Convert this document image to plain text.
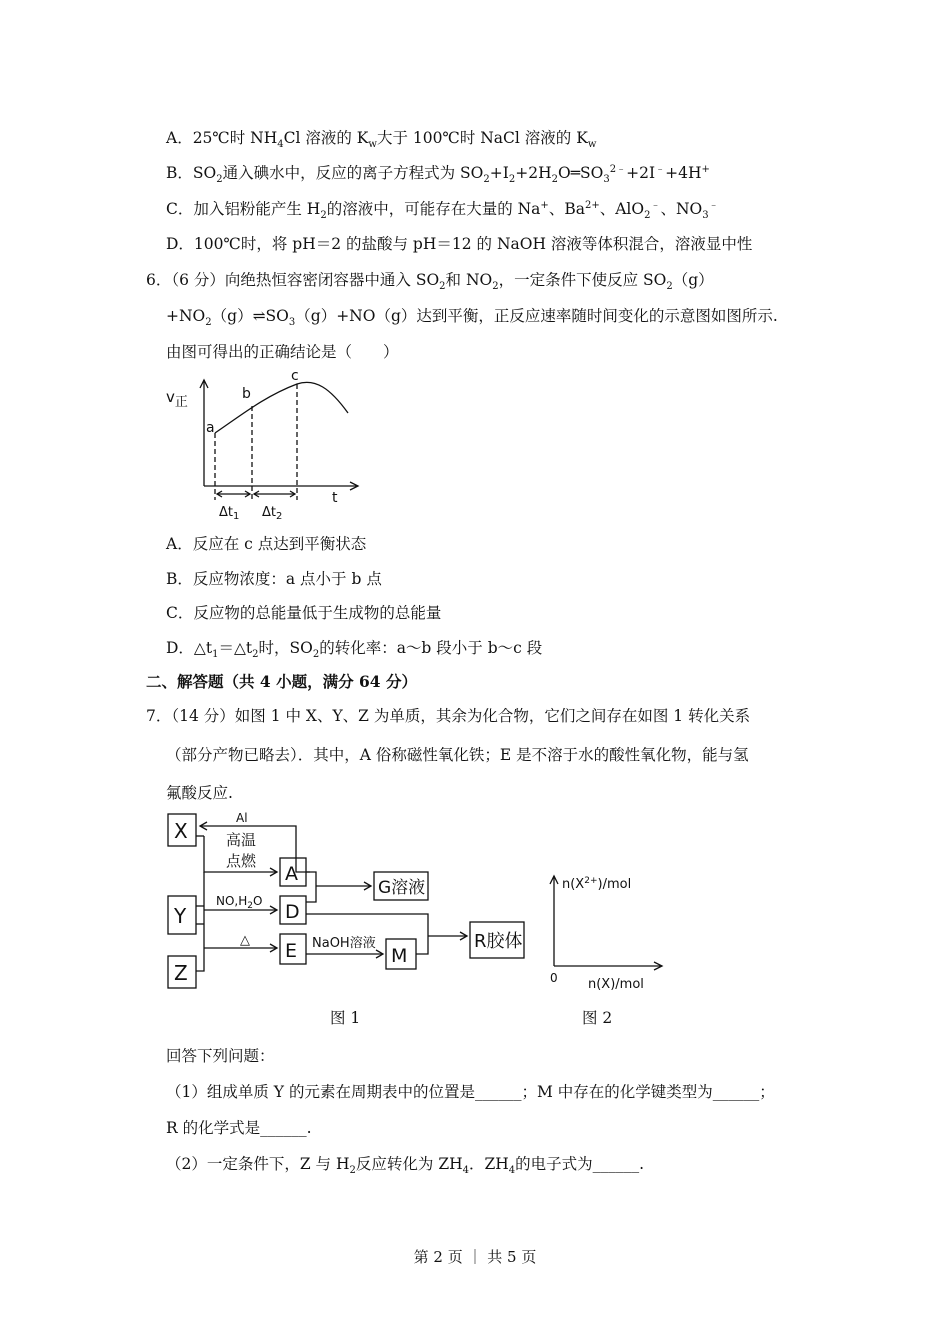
A．25℃时 $NH_4Cl$ 溶液的 $K_w$大于 100℃时 NaCl 溶液的 $K_w$
B．$SO_2$通入碘水中，反应的离子方程式为 $SO_2+I_2+2H_2O═SO_3^{2﹣}+2I^﹣+4H^+$
C．加入铝粉能产生 $H_2$的溶液中，可能存在大量的 Na+、$Ba^{2+}$、AlO$_2$﹣、$NO_3^﹣$
D．100℃时，将 pH＝2 的盐酸与 pH＝12 的 NaOH 溶液等体积混合，溶液显中性
6．（6 分）向绝热恒容密闭容器中通入 $SO_2$和 $NO_2$，一定条件下使反应 $SO_2(g)$
$+NO_2(g)\rightleftharpoons SO_3(g)+NO(g)$达到平衡，正反应速率随时间变化的示意图如图所示.
由图可得出的正确结论是（　　）
v正
t
a
b
c
$\Delta t_1$ $\Delta t_2$
A．反应在 c 点达到平衡状态
B．反应物浓度：a 点小于 b 点
C．反应物的总能量低于生成物的总能量
D．$\triangle t_1=\triangle t_2$时，$SO_2$的转化率：a～b 段小于 b～c 段
二、解答题（共 4 小题，满分 64 分）
7．（14 分）如图 1 中 X、Y、Z 为单质，其余为化合物，它们之间存在如图 1 转化关系
（部分产物已略去）．其中，A 俗称磁性氧化铁；E 是不溶于水的酸性氧化物，能与氢
氟酸反应.
X
Y
Z
A
D
E	M
G溶液
R胶体
Al
高温
点燃
$NO,H_2O$
△	NaOH溶液
$n(X^{2+})$/mol
n(X)/mol
0
图 1	图 2
回答下列问题：
（1）组成单质 Y 的元素在周期表中的位置是______；M 中存在的化学键类型为______；
R 的化学式是______.
（2）一定条件下，Z 与 $H_2$反应转化为 $ZH_4$．$ZH_4$的电子式为______.
第 2 页 ｜ 共 5 页
